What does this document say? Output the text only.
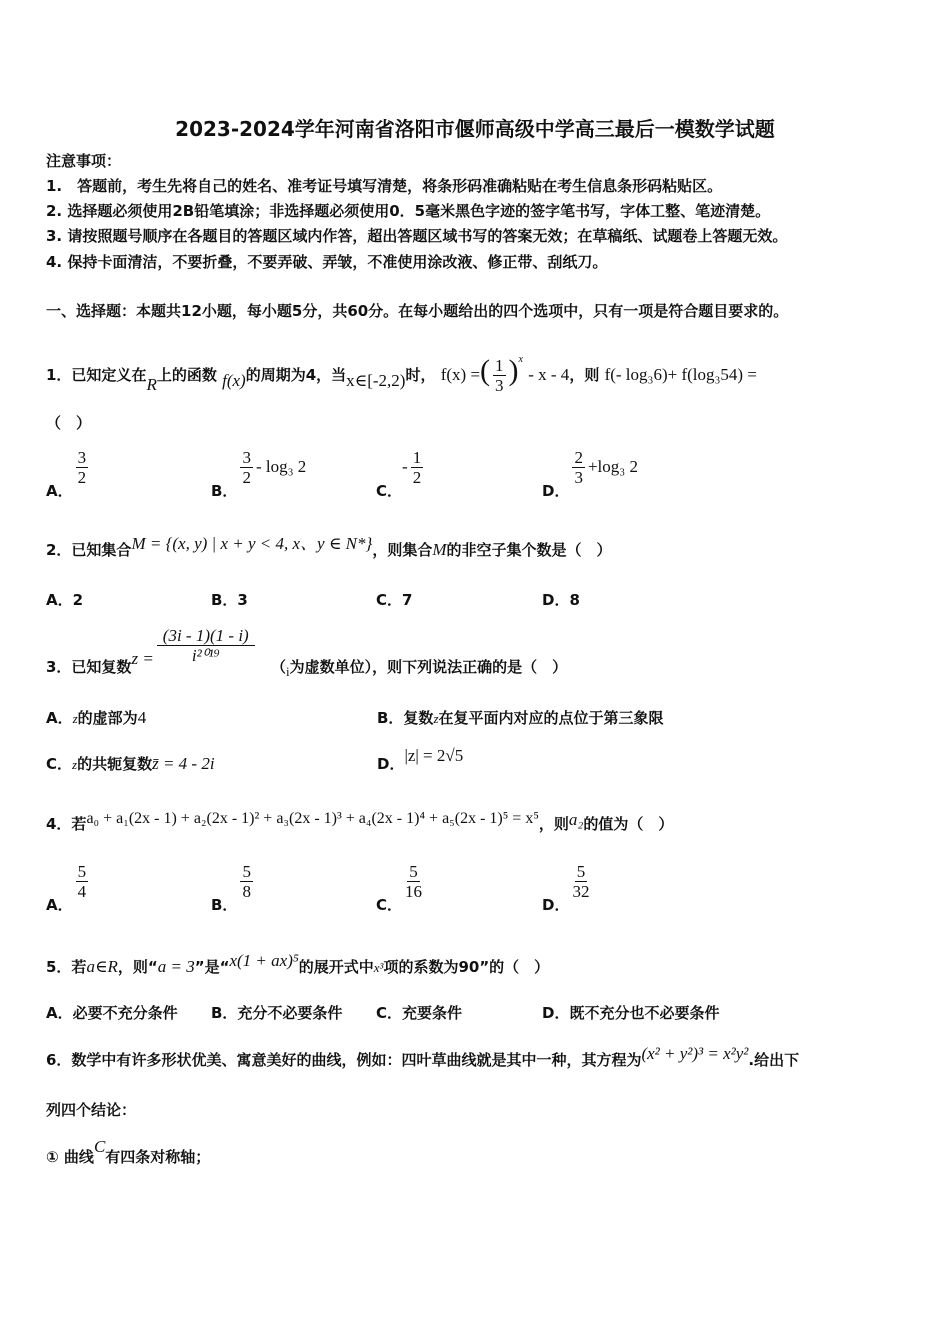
2023-2024学年河南省洛阳市偃师高级中学高三最后一模数学试题
注意事项：
1.　答题前，考生先将自己的姓名、准考证号填写清楚，将条形码准确粘贴在考生信息条形码粘贴区。
2. 选择题必须使用2B铅笔填涂；非选择题必须使用0．5毫米黑色字迹的签字笔书写，字体工整、笔迹清楚。
3. 请按照题号顺序在各题目的答题区域内作答，超出答题区域书写的答案无效；在草稿纸、试题卷上答题无效。
4. 保持卡面清洁，不要折叠，不要弄破、弄皱，不准使用涂改液、修正带、刮纸刀。
一、选择题：本题共12小题，每小题5分，共60分。在每小题给出的四个选项中，只有一项是符合题目要求的。
1．已知定义在R上的函数 f(x)的周期为4，当x∈[-2,2)时， f(x) =( $\frac{1}{3} )^x$ - x - 4，则 f(- log₃6)+ f(log₃54) =
（　）
A．
$\frac{3}{2}$
B．
$\frac{3}{2} - \log_3$ 2
C．- $\frac{1}{2}$
D．
$\frac{2}{3} +\log_3$ 2
2．已知集合M = {(x, y) | x + y < 4, x、y ∈ N*}，则集合M的非空子集个数是（　）
A．2	B．3	C．7	D．8
3．已知复数$z = \frac{(3i - 1)(1 - i)}{\text{i²⁰¹⁹}}$
（i为虚数单位），则下列说法正确的是（　）
A．z的虚部为4	B．复数z在复平面内对应的点位于第三象限
C．z的共轭复数z̄ = 4 - 2i	D．|z| = 2√5
4．若a₀ + a₁(2x - 1) + a₂(2x - 1)² + a₃(2x - 1)³ + a₄(2x - 1)⁴ + a₅(2x - 1)⁵ = x⁵，则a₂的值为（　）
A．
$\frac{5}{4}$
B．
$\frac{5}{8}$
C．
$\frac{5}{16}$
D．
$\frac{5}{32}$
5．若a∈R，则“a = 3”是“x(1 + ax)⁵的展开式中x³项的系数为90”的（　）
A．必要不充分条件 B．充分不必要条件 C．充要条件	D．既不充分也不必要条件
6．数学中有许多形状优美、寓意美好的曲线，例如：四叶草曲线就是其中一种，其方程为(x² + y²)³ = x²y².给出下
列四个结论：
① 曲线C有四条对称轴；
